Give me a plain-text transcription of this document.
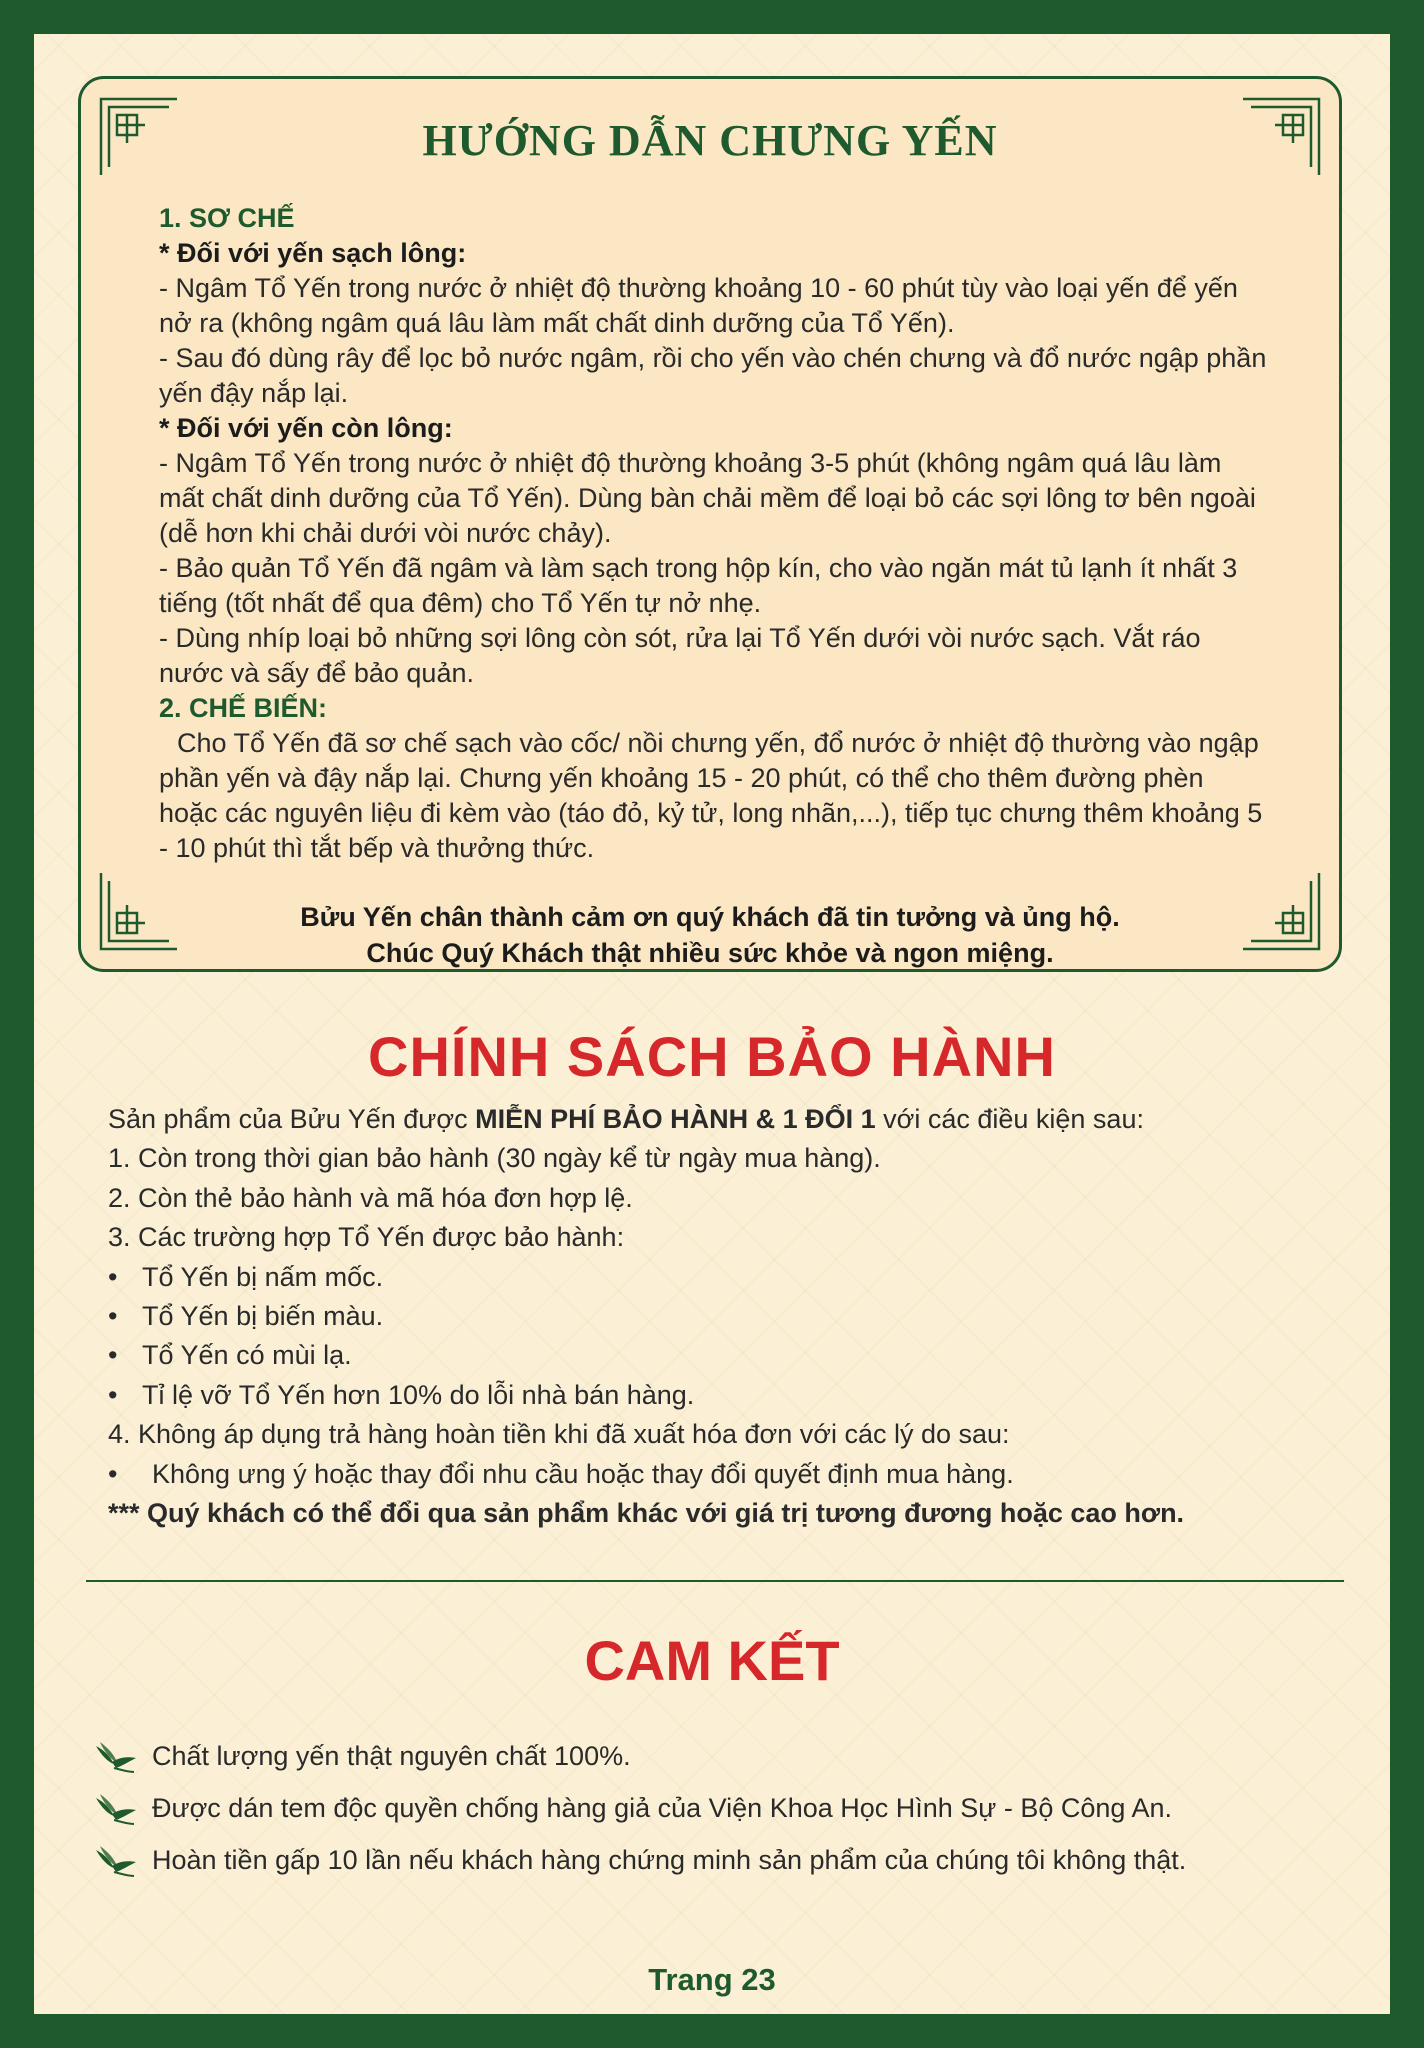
HƯỚNG DẪN CHƯNG YẾN

1. SƠ CHẾ

* Đối với yến sạch lông:

- Ngâm Tổ Yến trong nước ở nhiệt độ thường khoảng 10 - 60 phút tùy vào loại yến để yến nở ra (không ngâm quá lâu làm mất chất dinh dưỡng của Tổ Yến).

- Sau đó dùng rây để lọc bỏ nước ngâm, rồi cho yến vào chén chưng và đổ nước ngập phần yến đậy nắp lại.

* Đối với yến còn lông:

- Ngâm Tổ Yến trong nước ở nhiệt độ thường khoảng 3-5 phút (không ngâm quá lâu làm mất chất dinh dưỡng của Tổ Yến). Dùng bàn chải mềm để loại bỏ các sợi lông tơ bên ngoài (dễ hơn khi chải dưới vòi nước chảy).

- Bảo quản Tổ Yến đã ngâm và làm sạch trong hộp kín, cho vào ngăn mát tủ lạnh ít nhất 3 tiếng (tốt nhất để qua đêm) cho Tổ Yến tự nở nhẹ.

- Dùng nhíp loại bỏ những sợi lông còn sót, rửa lại Tổ Yến dưới vòi nước sạch. Vắt ráo nước và sấy để bảo quản.

2. CHẾ BIẾN:

Cho Tổ Yến đã sơ chế sạch vào cốc/ nồi chưng yến, đổ nước ở nhiệt độ thường vào ngập phần yến và đậy nắp lại. Chưng yến khoảng 15 - 20 phút, có thể cho thêm đường phèn hoặc các nguyên liệu đi kèm vào (táo đỏ, kỷ tử, long nhãn,...), tiếp tục chưng thêm khoảng 5 - 10 phút thì tắt bếp và thưởng thức.

Bửu Yến chân thành cảm ơn quý khách đã tin tưởng và ủng hộ.

Chúc Quý Khách thật nhiều sức khỏe và ngon miệng.

CHÍNH SÁCH BẢO HÀNH

Sản phẩm của Bửu Yến được MIỄN PHÍ BẢO HÀNH & 1 ĐỔI 1 với các điều kiện sau:

1. Còn trong thời gian bảo hành (30 ngày kể từ ngày mua hàng).

2. Còn thẻ bảo hành và mã hóa đơn hợp lệ.

3. Các trường hợp Tổ Yến được bảo hành:

• Tổ Yến bị nấm mốc.
• Tổ Yến bị biến màu.
• Tổ Yến có mùi lạ.
• Tỉ lệ vỡ Tổ Yến hơn 10% do lỗi nhà bán hàng.

4. Không áp dụng trả hàng hoàn tiền khi đã xuất hóa đơn với các lý do sau:

•	Không ưng ý hoặc thay đổi nhu cầu hoặc thay đổi quyết định mua hàng.

*** Quý khách có thể đổi qua sản phẩm khác với giá trị tương đương hoặc cao hơn.

CAM KẾT
Chất lượng yến thật nguyên chất 100%.
Được dán tem độc quyền chống hàng giả của Viện Khoa Học Hình Sự - Bộ Công An.
Hoàn tiền gấp 10 lần nếu khách hàng chứng minh sản phẩm của chúng tôi không thật.
Trang 23
